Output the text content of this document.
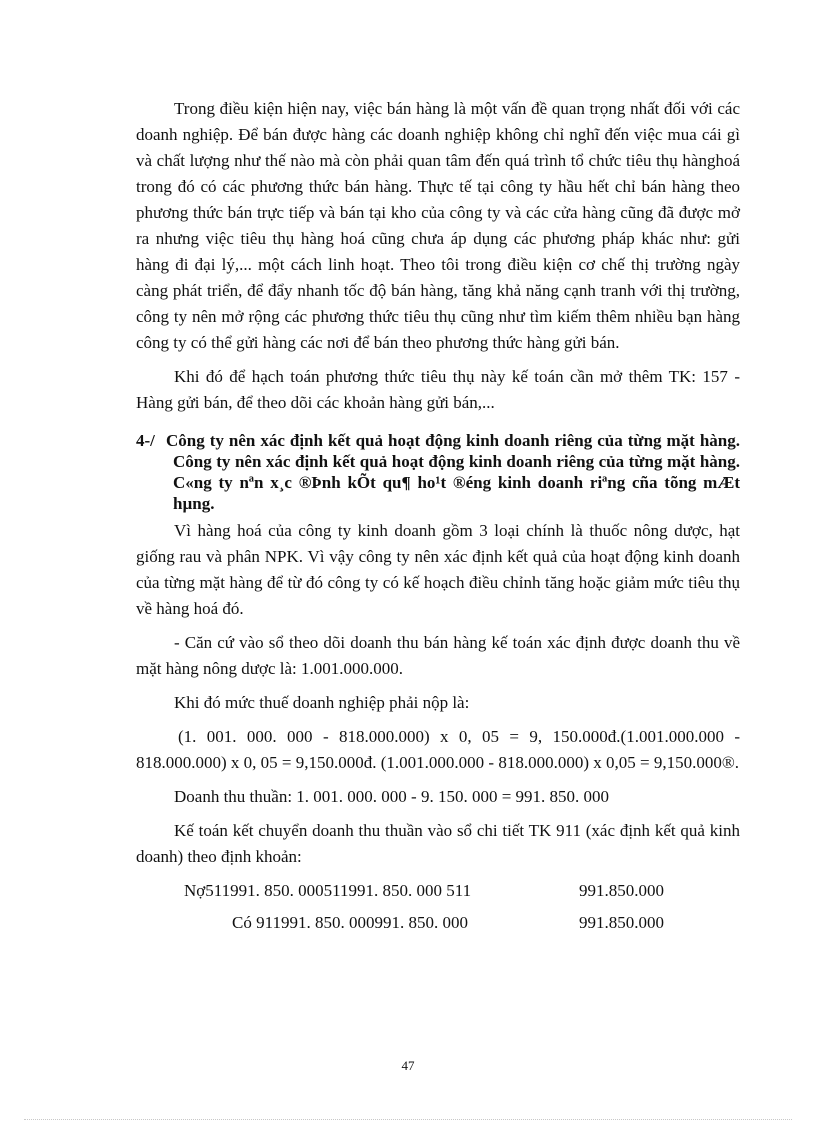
Trong điều kiện hiện nay, việc bán hàng là một vấn đề quan trọng nhất đối với các doanh nghiệp. Để bán được hàng các doanh nghiệp không chỉ nghĩ đến việc mua cái gì và chất lượng như thế nào mà còn phải quan tâm đến quá trình tổ chức tiêu thụ hànghoá trong đó có các phương thức bán hàng. Thực tế tại công ty hầu hết chỉ bán hàng theo phương thức bán trực tiếp và bán tại kho của công ty và các cửa hàng cũng đã được mở ra nhưng việc tiêu thụ hàng hoá cũng chưa áp dụng các phương pháp khác như: gửi hàng đi đại lý,... một cách linh hoạt. Theo tôi trong điều kiện cơ chế thị trường ngày càng phát triển, để đẩy nhanh tốc độ bán hàng, tăng khả năng cạnh tranh với thị trường, công ty nên mở rộng các phương thức tiêu thụ cũng như tìm kiếm thêm nhiều bạn hàng công ty có thể gửi hàng các nơi để bán theo phương thức hàng gửi bán.

Khi đó để hạch toán phương thức tiêu thụ này kế toán cần mở thêm TK: 157 - Hàng gửi bán, để theo dõi các khoản hàng gửi bán,...

4-/ Công ty nên xác định kết quả hoạt động kinh doanh riêng của từng mặt hàng. Công ty nên xác định kết quả hoạt động kinh doanh riêng của từng mặt hàng. C«ng ty nªn x¸c ®Þnh kÕt qu¶ ho¹t ®éng kinh doanh riªng cña tõng mÆt hµng.

Vì hàng hoá của công ty kinh doanh gồm 3 loại chính là thuốc nông dược, hạt giống rau và phân NPK. Vì vậy công ty nên xác định kết quả của hoạt động kinh doanh của từng mặt hàng để từ đó công ty có kế hoạch điều chỉnh tăng hoặc giảm mức tiêu thụ về hàng hoá đó.

- Căn cứ vào sổ theo dõi doanh thu bán hàng kế toán xác định được doanh thu về mặt hàng nông dược là: 1.001.000.000.

Khi đó mức thuế doanh nghiệp phải nộp là:

(1. 001. 000. 000 - 818.000.000) x 0, 05 = 9, 150.000đ.(1.001.000.000 - 818.000.000) x 0, 05 = 9,150.000đ. (1.001.000.000 - 818.000.000) x 0,05 = 9,150.000®.

Doanh thu thuần: 1. 001. 000. 000 - 9. 150. 000 = 991. 850. 000

Kế toán kết chuyển doanh thu thuần vào sổ chi tiết TK 911 (xác định kết quả kinh doanh) theo định khoản:

Nợ511991. 850. 000511991. 850. 000 511	991.850.000
Có 911991. 850. 000991. 850. 000	991.850.000
47
